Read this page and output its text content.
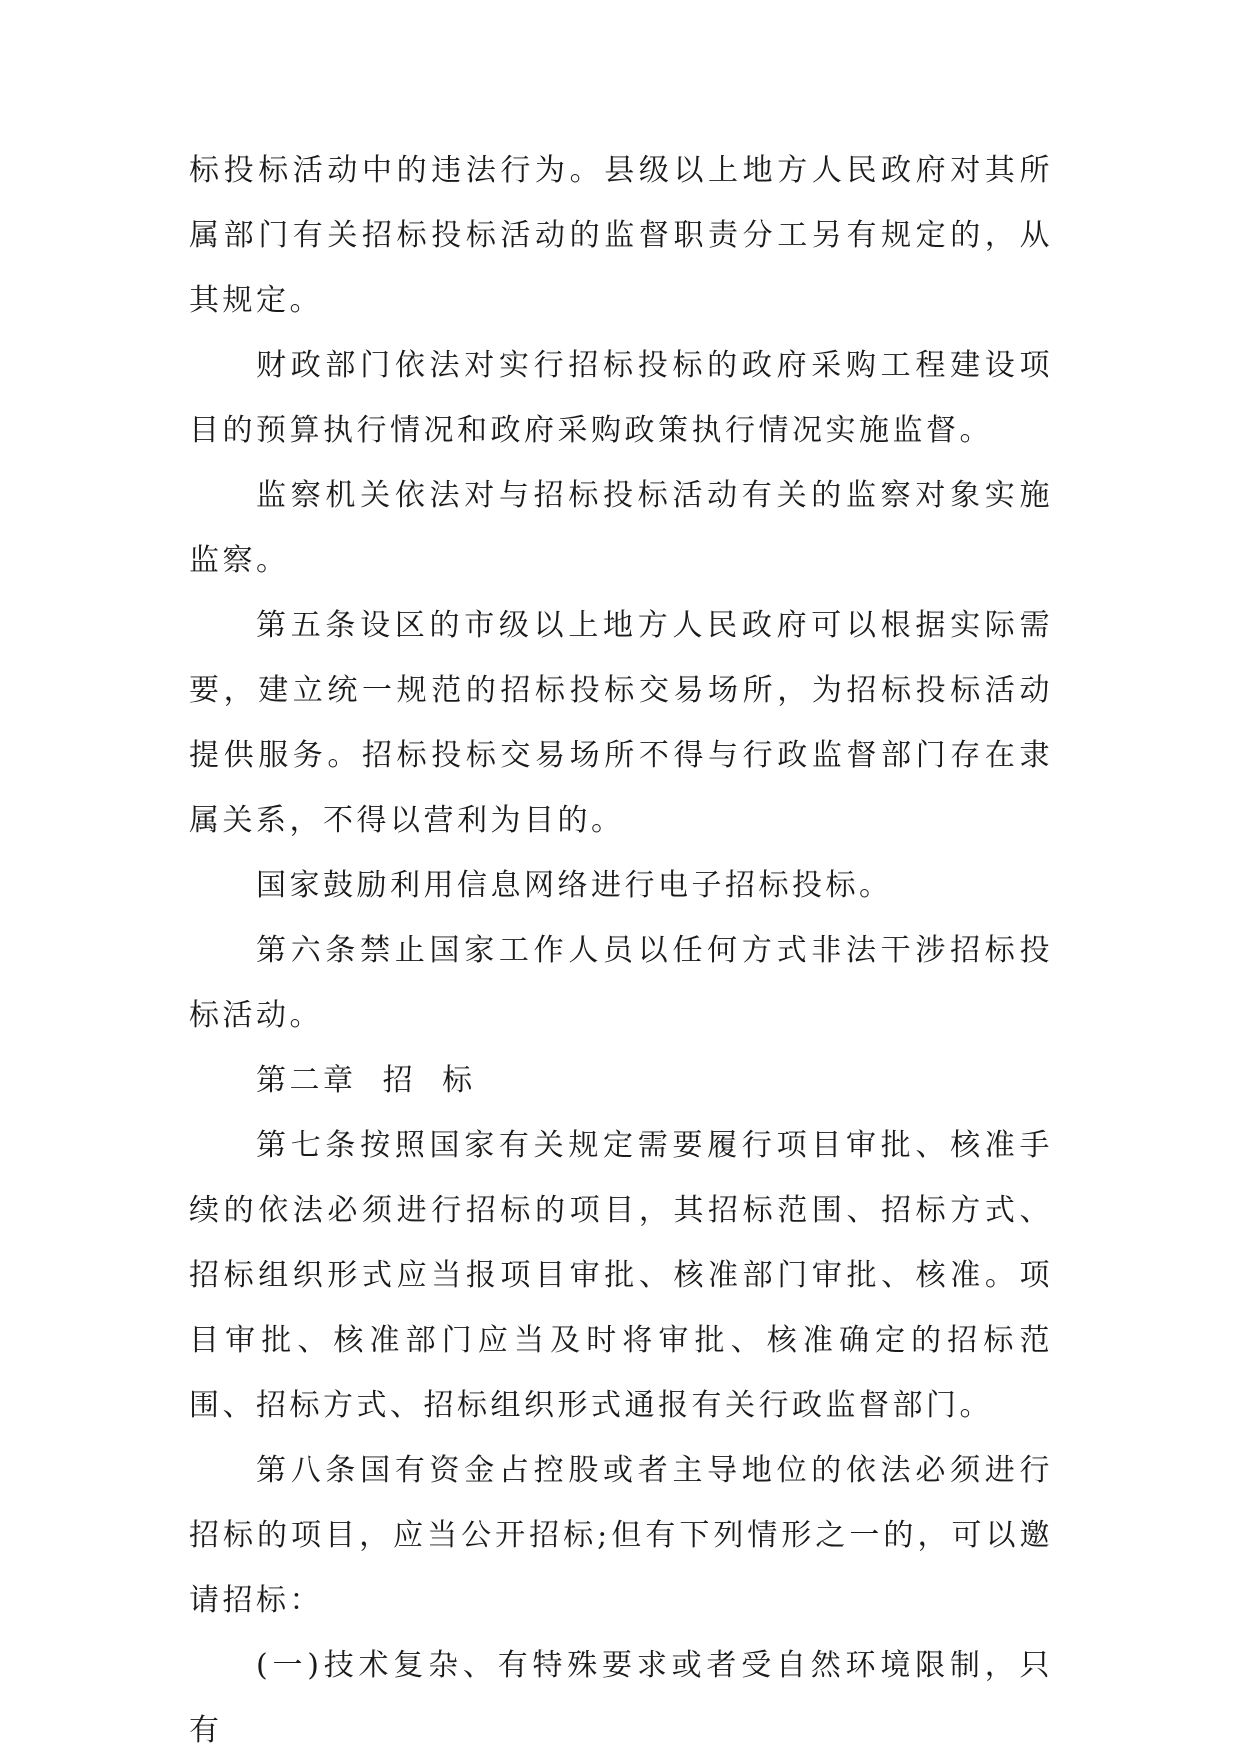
标投标活动中的违法行为。县级以上地方人民政府对其所属部门有关招标投标活动的监督职责分工另有规定的，从其规定。

财政部门依法对实行招标投标的政府采购工程建设项目的预算执行情况和政府采购政策执行情况实施监督。

监察机关依法对与招标投标活动有关的监察对象实施监察。

第五条设区的市级以上地方人民政府可以根据实际需要，建立统一规范的招标投标交易场所，为招标投标活动提供服务。招标投标交易场所不得与行政监督部门存在隶属关系，不得以营利为目的。

国家鼓励利用信息网络进行电子招标投标。

第六条禁止国家工作人员以任何方式非法干涉招标投标活动。

第二章  招  标

第七条按照国家有关规定需要履行项目审批、核准手续的依法必须进行招标的项目，其招标范围、招标方式、招标组织形式应当报项目审批、核准部门审批、核准。项目审批、核准部门应当及时将审批、核准确定的招标范围、招标方式、招标组织形式通报有关行政监督部门。

第八条国有资金占控股或者主导地位的依法必须进行招标的项目，应当公开招标;但有下列情形之一的，可以邀请招标：

(一)技术复杂、有特殊要求或者受自然环境限制，只有
